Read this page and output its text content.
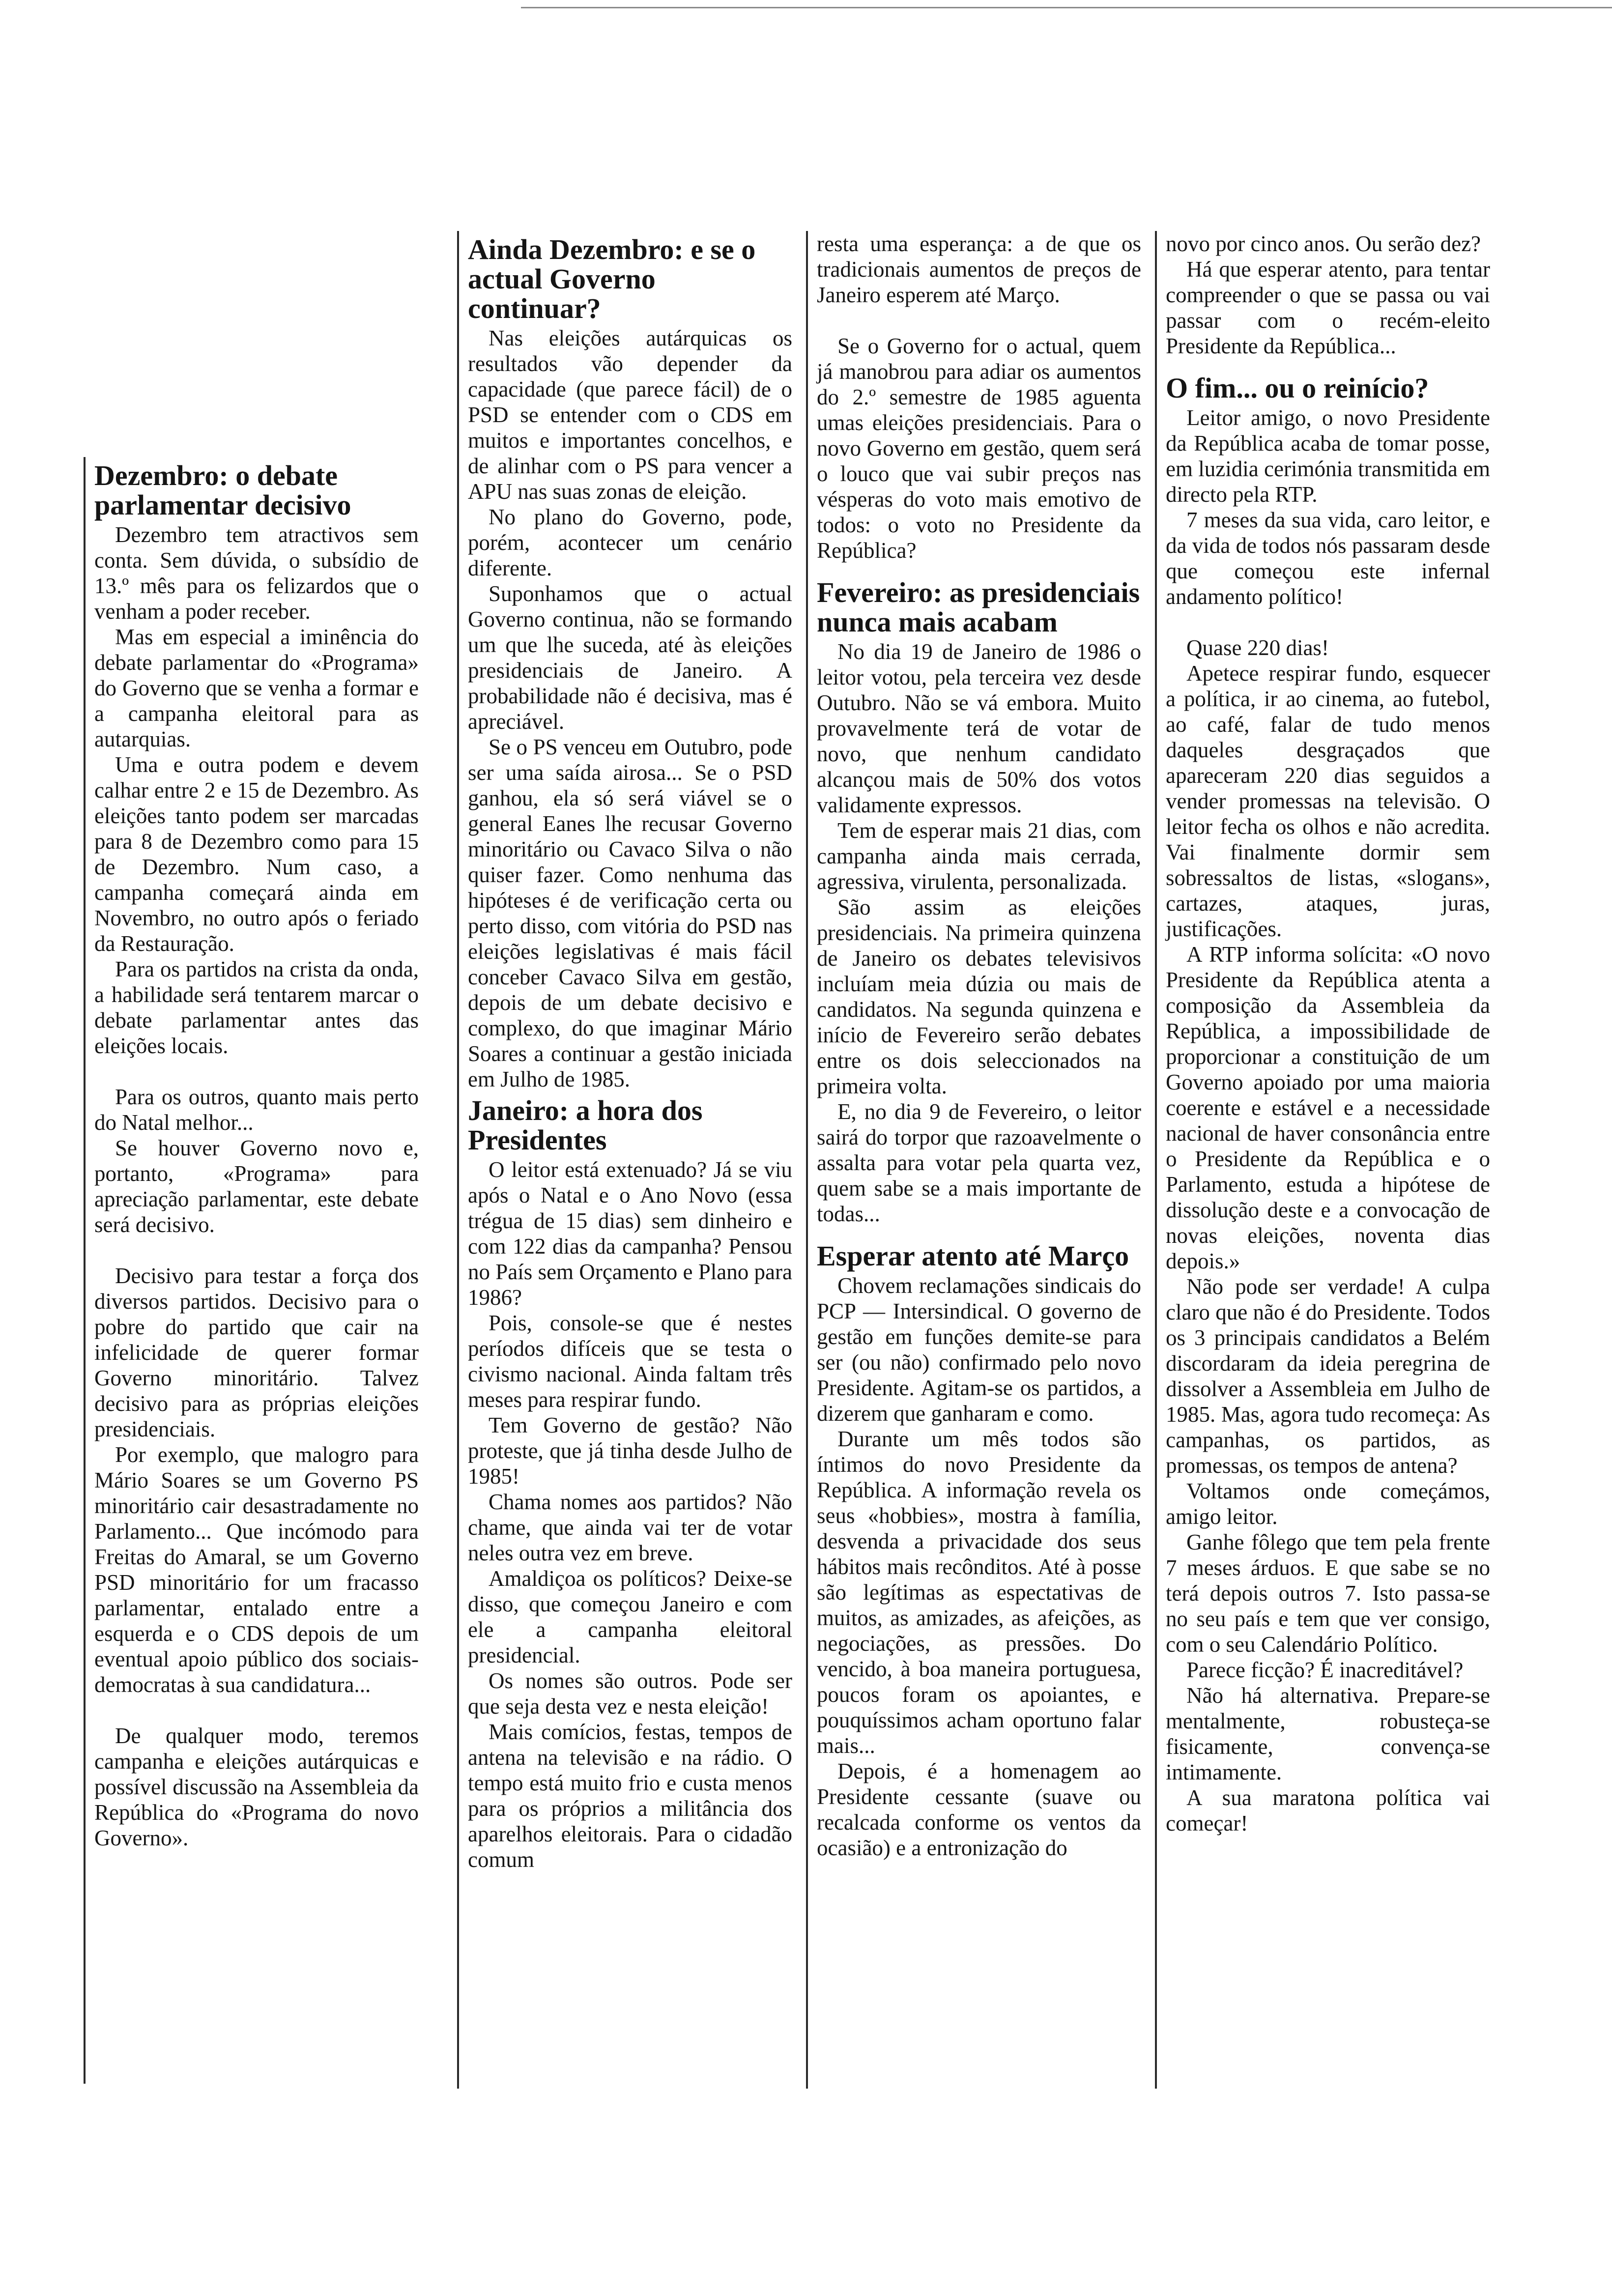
Dezembro: o debate parlamentar decisivo

Dezembro tem atractivos sem conta. Sem dúvida, o subsídio de 13.º mês para os felizardos que o venham a poder receber.

Mas em especial a iminência do debate parlamentar do «Programa» do Governo que se venha a formar e a campanha eleitoral para as autarquias.

Uma e outra podem e devem calhar entre 2 e 15 de Dezembro. As eleições tanto podem ser marcadas para 8 de Dezembro como para 15 de Dezembro. Num caso, a campanha começará ainda em Novembro, no outro após o feriado da Restauração.

Para os partidos na crista da onda, a habilidade será tentarem marcar o debate parlamentar antes das eleições locais.

Para os outros, quanto mais perto do Natal melhor...

Se houver Governo novo e, portanto, «Programa» para apreciação parlamentar, este debate será decisivo.

Decisivo para testar a força dos diversos partidos. Decisivo para o pobre do partido que cair na infelicidade de querer formar Governo minoritário. Talvez decisivo para as próprias eleições presidenciais.

Por exemplo, que malogro para Mário Soares se um Governo PS minoritário cair desastradamente no Parlamento... Que incómodo para Freitas do Amaral, se um Governo PSD minoritário for um fracasso parlamentar, entalado entre a esquerda e o CDS depois de um eventual apoio público dos sociais-democratas à sua candidatura...

De qualquer modo, teremos campanha e eleições autárquicas e possível discussão na Assembleia da República do «Programa do novo Governo».

Ainda Dezembro: e se o actual Governo continuar?

Nas eleições autárquicas os resultados vão depender da capacidade (que parece fácil) de o PSD se entender com o CDS em muitos e importantes concelhos, e de alinhar com o PS para vencer a APU nas suas zonas de eleição.

No plano do Governo, pode, porém, acontecer um cenário diferente.

Suponhamos que o actual Governo continua, não se formando um que lhe suceda, até às eleições presidenciais de Janeiro. A probabilidade não é decisiva, mas é apreciável.

Se o PS venceu em Outubro, pode ser uma saída airosa... Se o PSD ganhou, ela só será viável se o general Eanes lhe recusar Governo minoritário ou Cavaco Silva o não quiser fazer. Como nenhuma das hipóteses é de verificação certa ou perto disso, com vitória do PSD nas eleições legislativas é mais fácil conceber Cavaco Silva em gestão, depois de um debate decisivo e complexo, do que imaginar Mário Soares a continuar a gestão iniciada em Julho de 1985.

Janeiro: a hora dos Presidentes

O leitor está extenuado? Já se viu após o Natal e o Ano Novo (essa trégua de 15 dias) sem dinheiro e com 122 dias da campanha? Pensou no País sem Orçamento e Plano para 1986?

Pois, console-se que é nestes períodos difíceis que se testa o civismo nacional. Ainda faltam três meses para respirar fundo.

Tem Governo de gestão? Não proteste, que já tinha desde Julho de 1985!

Chama nomes aos partidos? Não chame, que ainda vai ter de votar neles outra vez em breve.

Amaldiçoa os políticos? Deixe-se disso, que começou Janeiro e com ele a campanha eleitoral presidencial.

Os nomes são outros. Pode ser que seja desta vez e nesta eleição!

Mais comícios, festas, tempos de antena na televisão e na rádio. O tempo está muito frio e custa menos para os próprios a militância dos aparelhos eleitorais. Para o cidadão comum

resta uma esperança: a de que os tradicionais aumentos de preços de Janeiro esperem até Março.

Se o Governo for o actual, quem já manobrou para adiar os aumentos do 2.º semestre de 1985 aguenta umas eleições presidenciais. Para o novo Governo em gestão, quem será o louco que vai subir preços nas vésperas do voto mais emotivo de todos: o voto no Presidente da República?

Fevereiro: as presidenciais nunca mais acabam

No dia 19 de Janeiro de 1986 o leitor votou, pela terceira vez desde Outubro. Não se vá embora. Muito provavelmente terá de votar de novo, que nenhum candidato alcançou mais de 50% dos votos validamente expressos.

Tem de esperar mais 21 dias, com campanha ainda mais cerrada, agressiva, virulenta, personalizada.

São assim as eleições presidenciais. Na primeira quinzena de Janeiro os debates televisivos incluíam meia dúzia ou mais de candidatos. Na segunda quinzena e início de Fevereiro serão debates entre os dois seleccionados na primeira volta.

E, no dia 9 de Fevereiro, o leitor sairá do torpor que razoavelmente o assalta para votar pela quarta vez, quem sabe se a mais importante de todas...

Esperar atento até Março

Chovem reclamações sindicais do PCP — Intersindical. O governo de gestão em funções demite-se para ser (ou não) confirmado pelo novo Presidente. Agitam-se os partidos, a dizerem que ganharam e como.

Durante um mês todos são íntimos do novo Presidente da República. A informação revela os seus «hobbies», mostra à família, desvenda a privacidade dos seus hábitos mais recônditos. Até à posse são legítimas as espectativas de muitos, as amizades, as afeições, as negociações, as pressões. Do vencido, à boa maneira portuguesa, poucos foram os apoiantes, e pouquíssimos acham oportuno falar mais...

Depois, é a homenagem ao Presidente cessante (suave ou recalcada conforme os ventos da ocasião) e a entronização do

novo por cinco anos. Ou serão dez?

Há que esperar atento, para tentar compreender o que se passa ou vai passar com o recém-eleito Presidente da República...

O fim... ou o reinício?

Leitor amigo, o novo Presidente da República acaba de tomar posse, em luzidia cerimónia transmitida em directo pela RTP.

7 meses da sua vida, caro leitor, e da vida de todos nós passaram desde que começou este infernal andamento político!

Quase 220 dias!

Apetece respirar fundo, esquecer a política, ir ao cinema, ao futebol, ao café, falar de tudo menos daqueles desgraçados que apareceram 220 dias seguidos a vender promessas na televisão. O leitor fecha os olhos e não acredita. Vai finalmente dormir sem sobressaltos de listas, «slogans», cartazes, ataques, juras, justificações.

A RTP informa solícita: «O novo Presidente da República atenta a composição da Assembleia da República, a impossibilidade de proporcionar a constituição de um Governo apoiado por uma maioria coerente e estável e a necessidade nacional de haver consonância entre o Presidente da República e o Parlamento, estuda a hipótese de dissolução deste e a convocação de novas eleições, noventa dias depois.»

Não pode ser verdade! A culpa claro que não é do Presidente. Todos os 3 principais candidatos a Belém discordaram da ideia peregrina de dissolver a Assembleia em Julho de 1985. Mas, agora tudo recomeça: As campanhas, os partidos, as promessas, os tempos de antena?

Voltamos onde começámos, amigo leitor.

Ganhe fôlego que tem pela frente 7 meses árduos. E que sabe se no terá depois outros 7. Isto passa-se no seu país e tem que ver consigo, com o seu Calendário Político.

Parece ficção? É inacreditável?

Não há alternativa. Prepare-se mentalmente, robusteça-se fisicamente, convença-se intimamente.

A sua maratona política vai começar!
